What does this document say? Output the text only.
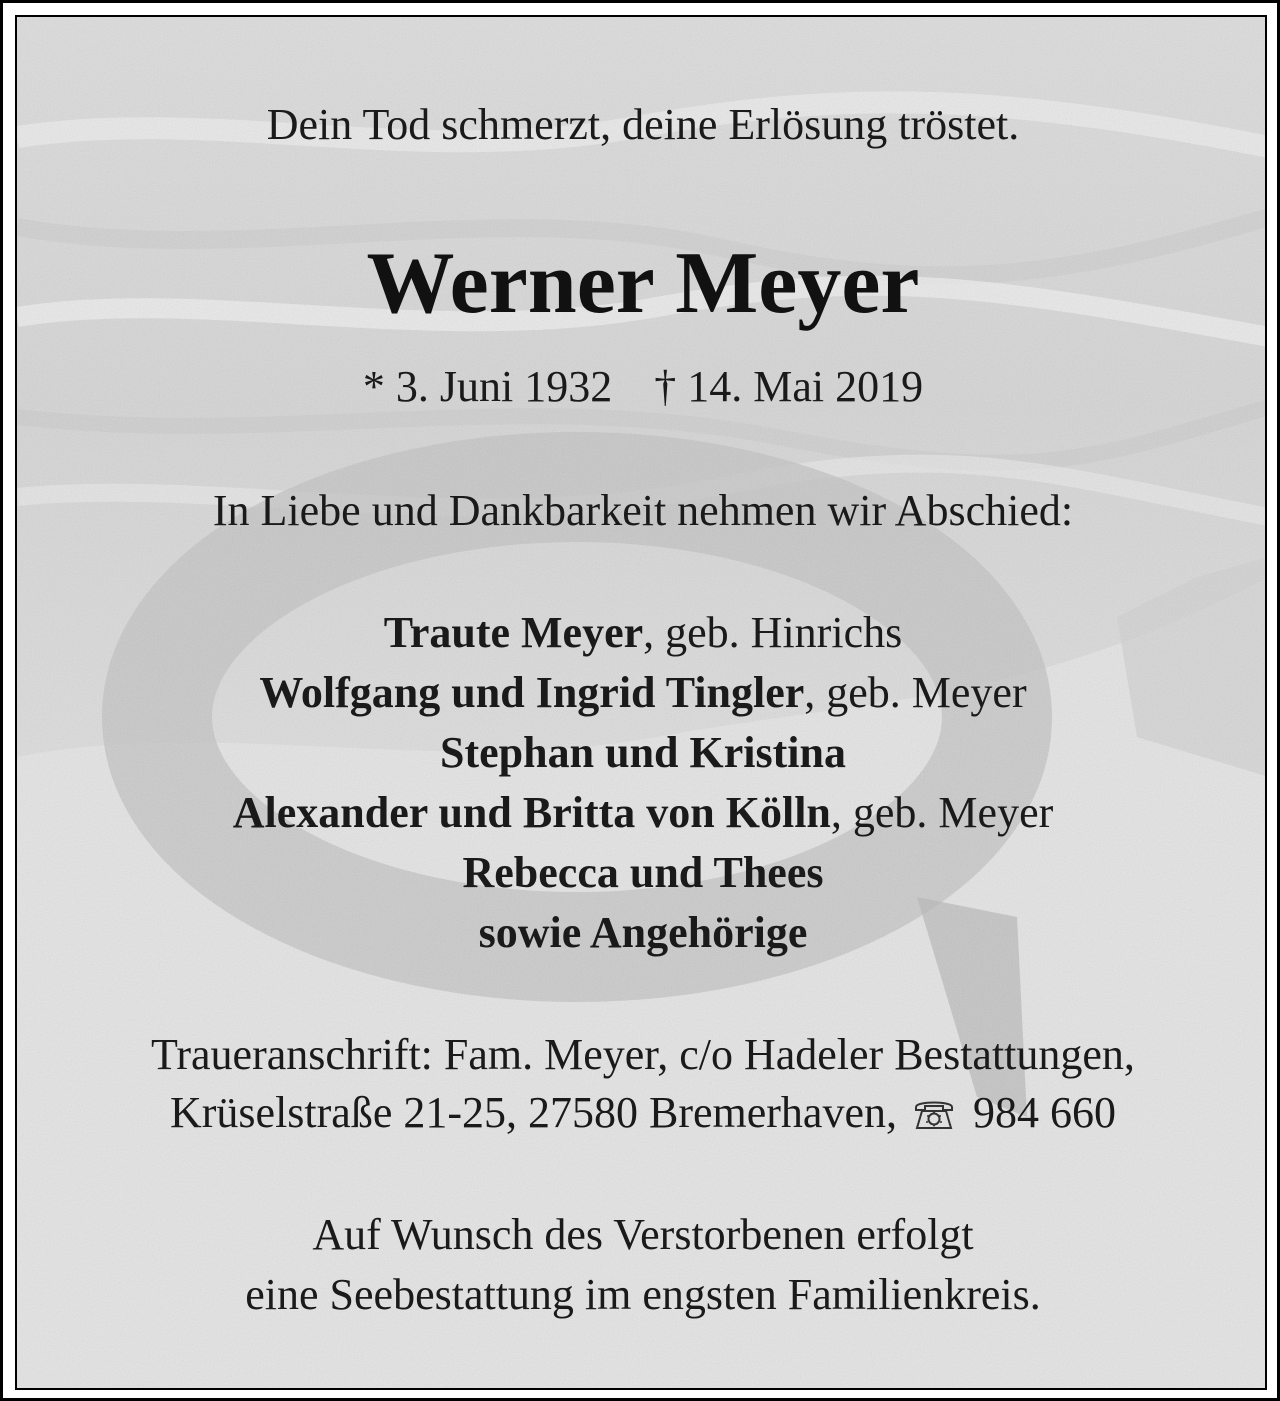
Dein Tod schmerzt, deine Erlösung tröstet.
Werner Meyer
* 3. Juni 1932 † 14. Mai 2019
In Liebe und Dankbarkeit nehmen wir Abschied:
Traute Meyer, geb. Hinrichs
Wolfgang und Ingrid Tingler, geb. Meyer
Stephan und Kristina
Alexander und Britta von Kölln, geb. Meyer
Rebecca und Thees
sowie Angehörige
Traueranschrift: Fam. Meyer, c/o Hadeler Bestattungen,
Krüselstraße 21-25, 27580 Bremerhaven, 984 660
Auf Wunsch des Verstorbenen erfolgt
eine Seebestattung im engsten Familienkreis.
